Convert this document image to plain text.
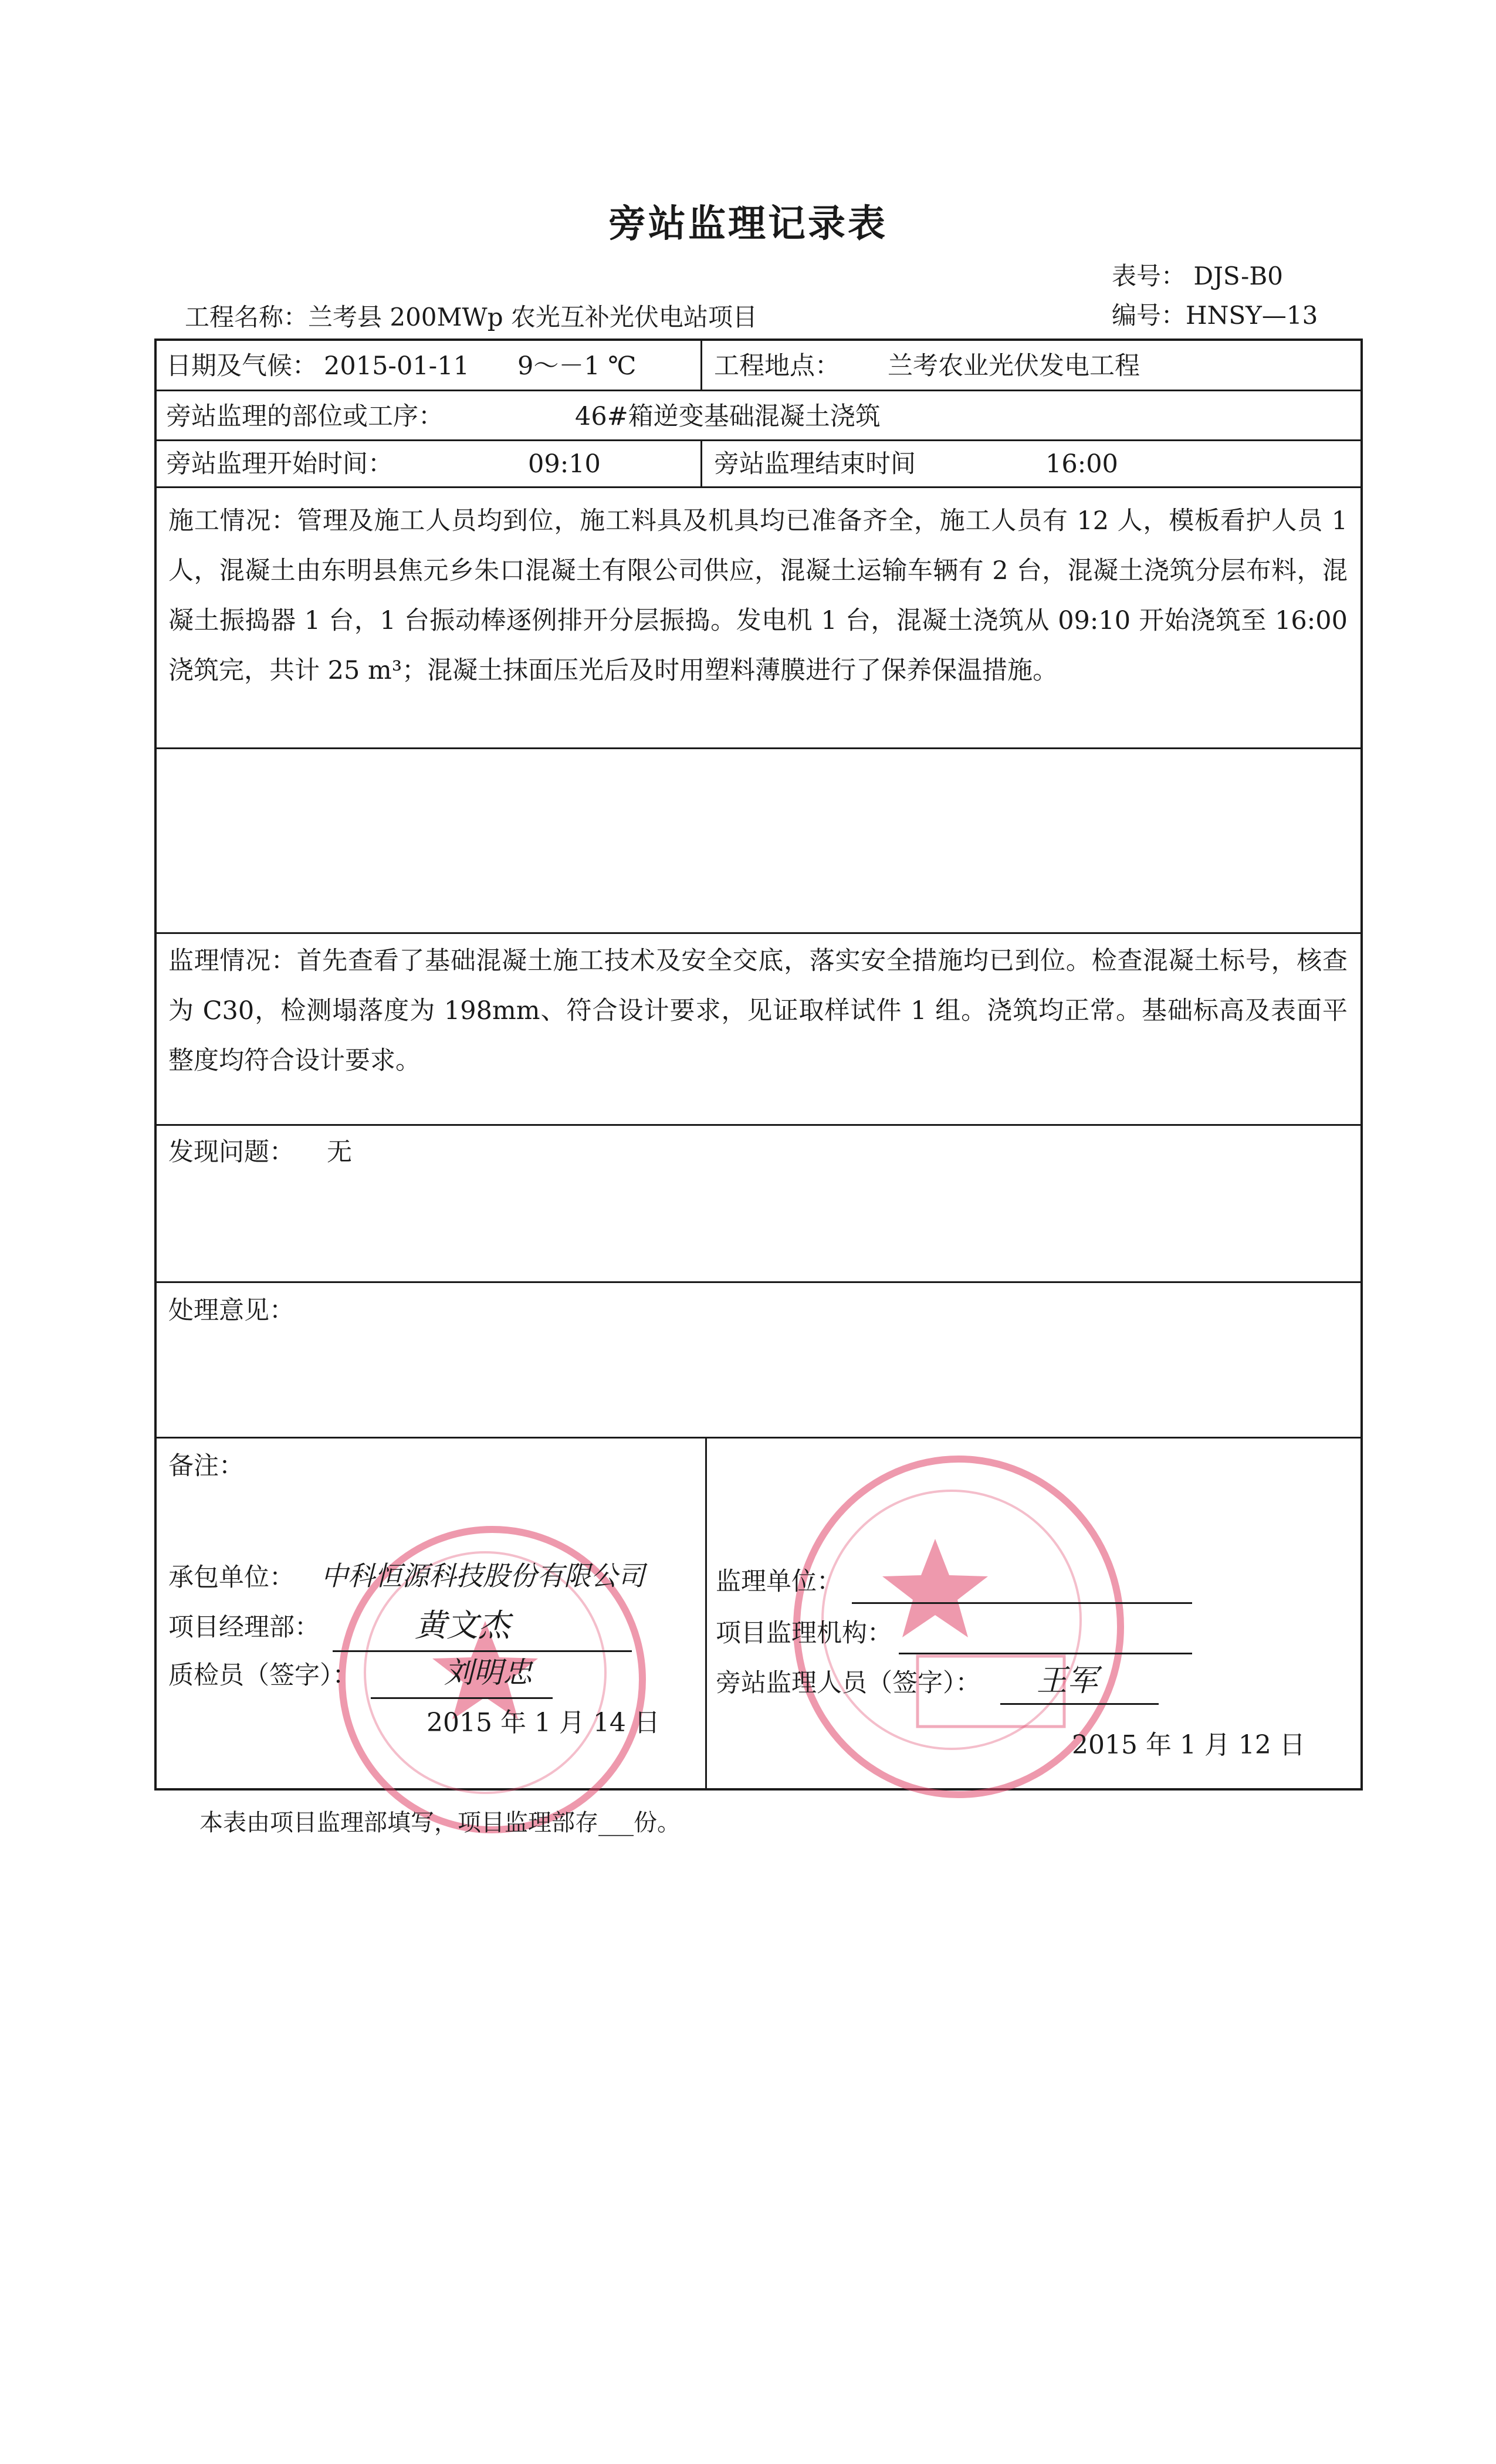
旁站监理记录表
表号： DJS-B0
工程名称：兰考县 200MWp 农光互补光伏电站项目	编号：HNSY—13
日期及气候： 2015-01-11 9～－1 ℃	工程地点： 兰考农业光伏发电工程
旁站监理的部位或工序：	46#箱逆变基础混凝土浇筑
旁站监理开始时间：	09:10	旁站监理结束时间	16:00
施工情况：管理及施工人员均到位，施工料具及机具均已准备齐全，施工人员有 12 人，模板看护人员 1 人，混凝土由东明县焦元乡朱口混凝土有限公司供应，混凝土运输车辆有 2 台，混凝土浇筑分层布料，混凝土振捣器 1 台，1 台振动棒逐例排开分层振捣。发电机 1 台，混凝土浇筑从 09:10 开始浇筑至 16:00 浇筑完，共计 25 m³；混凝土抹面压光后及时用塑料薄膜进行了保养保温措施。
监理情况：首先查看了基础混凝土施工技术及安全交底，落实安全措施均已到位。检查混凝土标号，核查为 C30，检测塌落度为 198mm、符合设计要求，见证取样试件 1 组。浇筑均正常。基础标高及表面平整度均符合设计要求。
发现问题： 无
处理意见：
备注：
承包单位： 中科恒源科技股份有限公司
项目经理部：	黄文杰
质检员（签字）：	刘明忠
2015 年 1 月 14 日
监理单位：
项目监理机构：
旁站监理人员（签字）： 王军
2015 年 1 月 12 日
本表由项目监理部填写，项目监理部存___份。
